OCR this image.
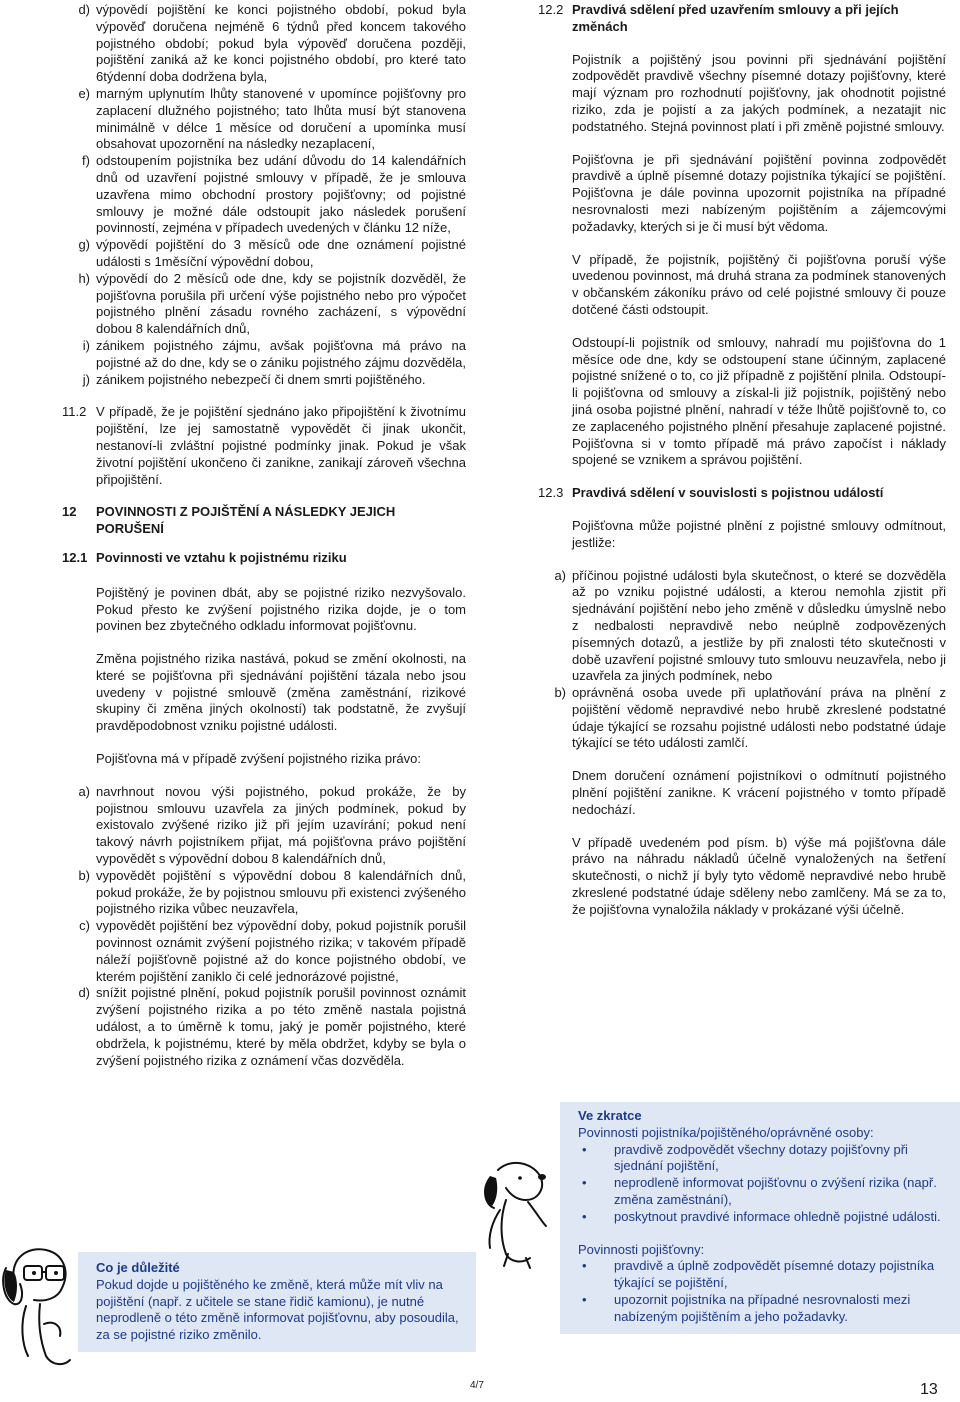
d) výpovědí pojištění ke konci pojistného období, pokud byla výpověď doručena nejméně 6 týdnů před koncem takového pojistného období; pokud byla výpověď doručena později, pojištění zaniká až ke konci pojistného období, pro které tato 6týdenní doba dodržena byla,
e) marným uplynutím lhůty stanovené v upomínce pojišťovny pro zaplacení dlužného pojistného; tato lhůta musí být stanovena minimálně v délce 1 měsíce od doručení a upomínka musí obsahovat upozornění na následky nezaplacení,
f) odstoupením pojistníka bez udání důvodu do 14 kalendářních dnů od uzavření pojistné smlouvy v případě, že je smlouva uzavřena mimo obchodní prostory pojišťovny; od pojistné smlouvy je možné dále odstoupit jako následek porušení povinností, zejména v případech uvedených v článku 12 níže,
g) výpovědí pojištění do 3 měsíců ode dne oznámení pojistné události s 1měsíční výpovědní dobou,
h) výpovědí do 2 měsíců ode dne, kdy se pojistník dozvěděl, že pojišťovna porušila při určení výše pojistného nebo pro výpočet pojistného plnění zásadu rovného zacházení, s výpovědní dobou 8 kalendářních dnů,
i) zánikem pojistného zájmu, avšak pojišťovna má právo na pojistné až do dne, kdy se o zániku pojistného zájmu dozvěděla,
j) zánikem pojistného nebezpečí či dnem smrti pojištěného.
11.2 V případě, že je pojištění sjednáno jako připojištění k životnímu pojištění, lze jej samostatně vypovědět či jinak ukončit, nestanoví-li zvláštní pojistné podmínky jinak. Pokud je však životní pojištění ukončeno či zanikne, zanikají zároveň všechna připojištění.
12 POVINNOSTI Z POJIŠTĚNÍ A NÁSLEDKY JEJICH PORUŠENÍ
12.1 Povinnosti ve vztahu k pojistnému riziku

Pojištěný je povinen dbát, aby se pojistné riziko nezvyšovalo. Pokud přesto ke zvýšení pojistného rizika dojde, je o tom povinen bez zbytečného odkladu informovat pojišťovnu.

Změna pojistného rizika nastává, pokud se změní okolnosti, na které se pojišťovna při sjednávání pojištění tázala nebo jsou uvedeny v pojistné smlouvě (změna zaměstnání, rizikové skupiny či změna jiných okolností) tak podstatně, že zvyšují pravděpodobnost vzniku pojistné události.

Pojišťovna má v případě zvýšení pojistného rizika právo:

a) navrhnout novou výši pojistného, pokud prokáže, že by pojistnou smlouvu uzavřela za jiných podmínek, pokud by existovalo zvýšené riziko již při jejím uzavírání; pokud není takový návrh pojistníkem přijat, má pojišťovna právo pojištění vypovědět s výpovědní dobou 8 kalendářních dnů,
b) vypovědět pojištění s výpovědní dobou 8 kalendářních dnů, pokud prokáže, že by pojistnou smlouvu při existenci zvýšeného pojistného rizika vůbec neuzavřela,
c) vypovědět pojištění bez výpovědní doby, pokud pojistník porušil povinnost oznámit zvýšení pojistného rizika; v takovém případě náleží pojišťovně pojistné až do konce pojistného období, ve kterém pojištění zaniklo či celé jednorázové pojistné,
d) snížit pojistné plnění, pokud pojistník porušil povinnost oznámit zvýšení pojistného rizika a po této změně nastala pojistná událost, a to úměrně k tomu, jaký je poměr pojistného, které obdržela, k pojistnému, které by měla obdržet, kdyby se byla o zvýšení pojistného rizika z oznámení včas dozvěděla.
Co je důležité
Pokud dojde u pojištěného ke změně, která může mít vliv na pojištění (např. z učitele se stane řidič kamionu), je nutné neprodleně o této změně informovat pojišťovnu, aby posoudila, za se pojistné riziko změnilo.
12.2 Pravdivá sdělení před uzavřením smlouvy a při jejích změnách

Pojistník a pojištěný jsou povinni při sjednávání pojištění zodpovědět pravdivě všechny písemné dotazy pojišťovny, které mají význam pro rozhodnutí pojišťovny, jak ohodnotit pojistné riziko, zda je pojistí a za jakých podmínek, a nezatajit nic podstatného. Stejná povinnost platí i při změně pojistné smlouvy.

Pojišťovna je při sjednávání pojištění povinna zodpovědět pravdivě a úplně písemné dotazy pojistníka týkající se pojištění. Pojišťovna je dále povinna upozornit pojistníka na případné nesrovnalosti mezi nabízeným pojištěním a zájemcovými požadavky, kterých si je či musí být vědoma.

V případě, že pojistník, pojištěný či pojišťovna poruší výše uvedenou povinnost, má druhá strana za podmínek stanovených v občanském zákoníku právo od celé pojistné smlouvy či pouze dotčené části odstoupit.

Odstoupí-li pojistník od smlouvy, nahradí mu pojišťovna do 1 měsíce ode dne, kdy se odstoupení stane účinným, zaplacené pojistné snížené o to, co již případně z pojištění plnila. Odstoupí-li pojišťovna od smlouvy a získal-li již pojistník, pojištěný nebo jiná osoba pojistné plnění, nahradí v téže lhůtě pojišťovně to, co ze zaplaceného pojistného plnění přesahuje zaplacené pojistné. Pojišťovna si v tomto případě má právo započíst i náklady spojené se vznikem a správou pojištění.

12.3 Pravdivá sdělení v souvislosti s pojistnou událostí

Pojišťovna může pojistné plnění z pojistné smlouvy odmítnout, jestliže:

a) příčinou pojistné události byla skutečnost, o které se dozvěděla až po vzniku pojistné události, a kterou nemohla zjistit při sjednávání pojištění nebo jeho změně v důsledku úmyslně nebo z nedbalosti nepravdivě nebo neúplně zodpovězených písemných dotazů, a jestliže by při znalosti této skutečnosti v době uzavření pojistné smlouvy tuto smlouvu neuzavřela, nebo ji uzavřela za jiných podmínek, nebo
b) oprávněná osoba uvede při uplatňování práva na plnění z pojištění vědomě nepravdivé nebo hrubě zkreslené podstatné údaje týkající se rozsahu pojistné události nebo podstatné údaje týkající se této události zamlčí.

Dnem doručení oznámení pojistníkovi o odmítnutí pojistného plnění pojištění zanikne. K vrácení pojistného v tomto případě nedochází.

V případě uvedeném pod písm. b) výše má pojišťovna dále právo na náhradu nákladů účelně vynaložených na šetření skutečnosti, o nichž jí byly tyto vědomě nepravdivé nebo hrubě zkreslené podstatné údaje sděleny nebo zamlčeny. Má se za to, že pojišťovna vynaložila náklady v prokázané výši účelně.

Ve zkratce
Povinnosti pojistníka/pojištěného/oprávněné osoby:
• pravdivě zodpovědět všechny dotazy pojišťovny při sjednání pojištění,
• neprodleně informovat pojišťovnu o zvýšení rizika (např. změna zaměstnání),
• poskytnout pravdivé informace ohledně pojistné události.
Povinnosti pojišťovny:
• pravdivě a úplně zodpovědět písemné dotazy pojistníka týkající se pojištění,
• upozornit pojistníka na případné nesrovnalosti mezi nabízeným pojištěním a jeho požadavky.
4/7	13
